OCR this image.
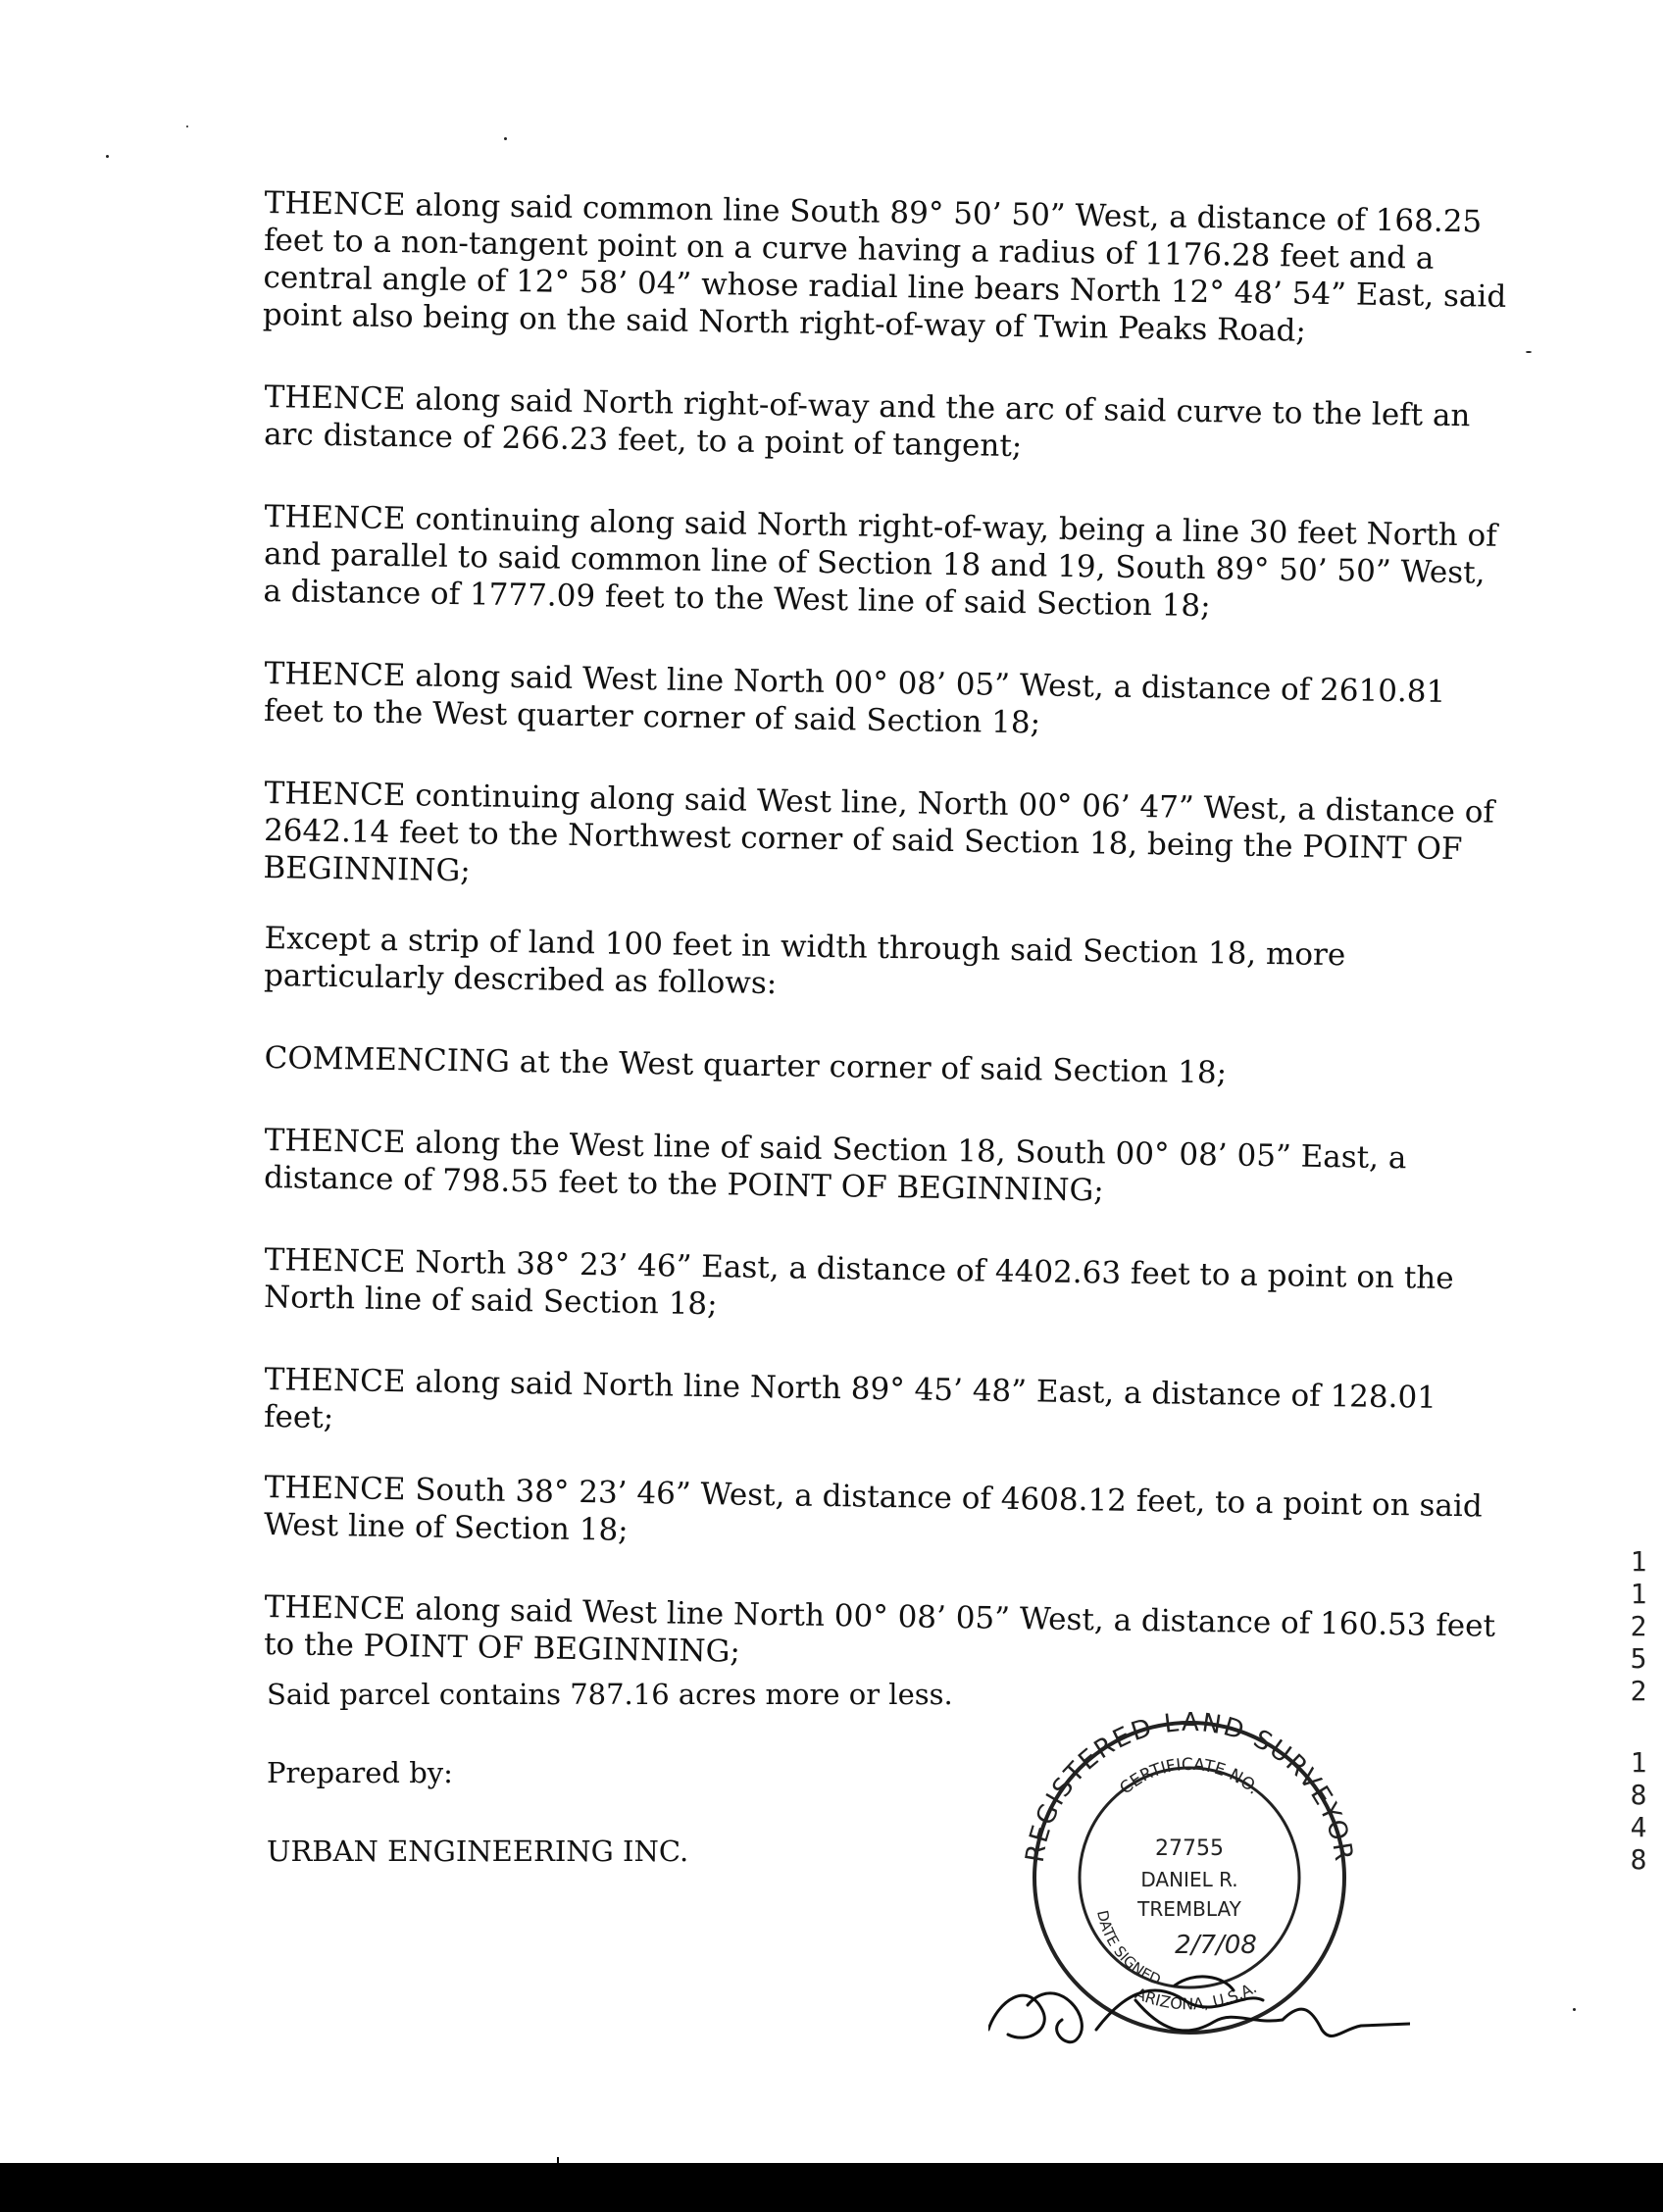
THENCE along said common line South 89° 50’ 50” West, a distance of 168.25 feet to a non-tangent point on a curve having a radius of 1176.28 feet and a central angle of 12° 58’ 04” whose radial line bears North 12° 48’ 54” East, said point also being on the said North right-of-way of Twin Peaks Road;

THENCE along said North right-of-way and the arc of said curve to the left an arc distance of 266.23 feet, to a point of tangent;

THENCE continuing along said North right-of-way, being a line 30 feet North of and parallel to said common line of Section 18 and 19, South 89° 50’ 50” West, a distance of 1777.09 feet to the West line of said Section 18;

THENCE along said West line North 00° 08’ 05” West, a distance of 2610.81 feet to the West quarter corner of said Section 18;

THENCE continuing along said West line, North 00° 06’ 47” West, a distance of 2642.14 feet to the Northwest corner of said Section 18, being the POINT OF BEGINNING;

Except a strip of land 100 feet in width through said Section 18, more particularly described as follows:

COMMENCING at the West quarter corner of said Section 18;

THENCE along the West line of said Section 18, South 00° 08’ 05” East, a distance of 798.55 feet to the POINT OF BEGINNING;

THENCE North 38° 23’ 46” East, a distance of 4402.63 feet to a point on the North line of said Section 18;

THENCE along said North line North 89° 45’ 48” East, a distance of 128.01 feet;

THENCE South 38° 23’ 46” West, a distance of 4608.12 feet, to a point on said West line of Section 18;

THENCE along said West line North 00° 08’ 05” West, a distance of 160.53 feet to the POINT OF BEGINNING;

Said parcel contains 787.16 acres more or less.

Prepared by:

URBAN ENGINEERING INC.	REGISTERED LAND SURVEYOR
CERTIFICATE NO.
27755
DANIEL R.
TREMBLAY
2/7/08
DATE SIGNED
ARIZONA, U.S.A.
1
1
2
5
2
1
8
4
8
